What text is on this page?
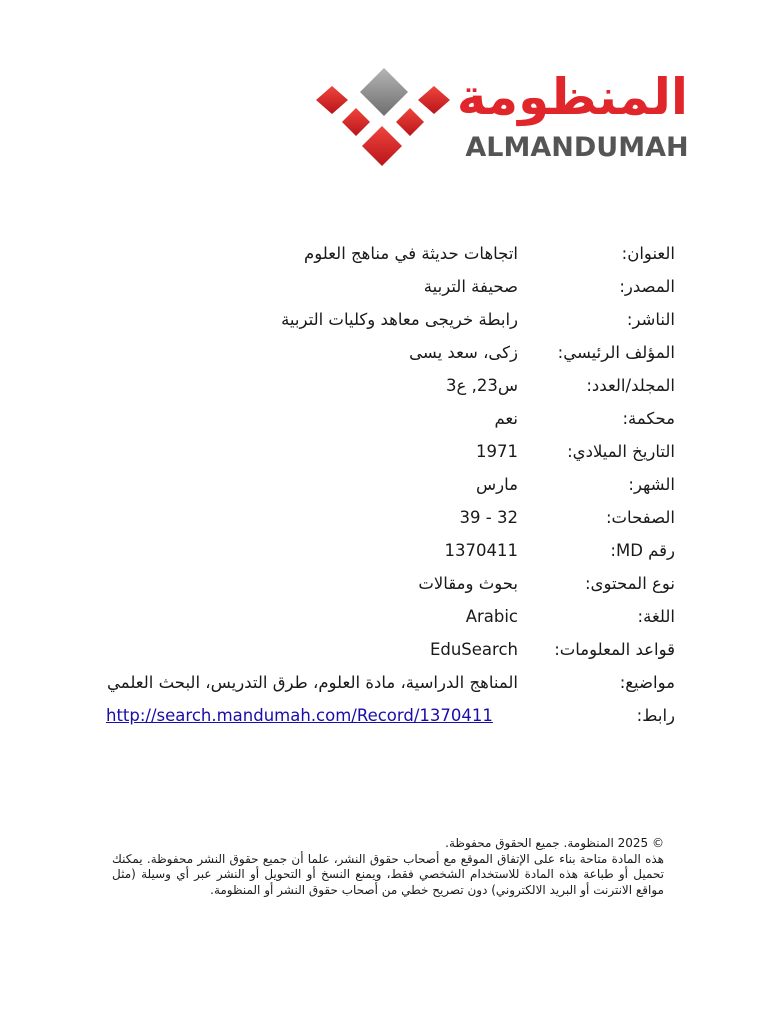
المنظومة
ALMANDUMAH
العنوان:
اتجاهات حديثة في مناهج العلوم
المصدر:
صحيفة التربية
الناشر:
رابطة خريجى معاهد وكليات التربية
المؤلف الرئيسي:
زكى، سعد يسى
المجلد/العدد:
س23, ع3
محكمة:
نعم
التاريخ الميلادي:
1971
الشهر:
مارس
الصفحات:
32 - 39
رقم MD:
1370411
نوع المحتوى:
بحوث ومقالات
اللغة:
Arabic
قواعد المعلومات:
EduSearch
مواضيع:
المناهج الدراسية، مادة العلوم، طرق التدريس، البحث العلمي
رابط:
http://search.mandumah.com/Record/1370411
© 2025 المنظومة. جميع الحقوق محفوظة.
هذه المادة متاحة بناء على الإتفاق الموقع مع أصحاب حقوق النشر، علما أن جميع حقوق النشر محفوظة. يمكنك تحميل أو طباعة هذه المادة للاستخدام الشخصي فقط، ويمنع النسخ أو التحويل أو النشر عبر أي وسيلة (مثل مواقع الانترنت أو البريد الالكتروني) دون تصريح خطي من أصحاب حقوق النشر أو المنظومة.
